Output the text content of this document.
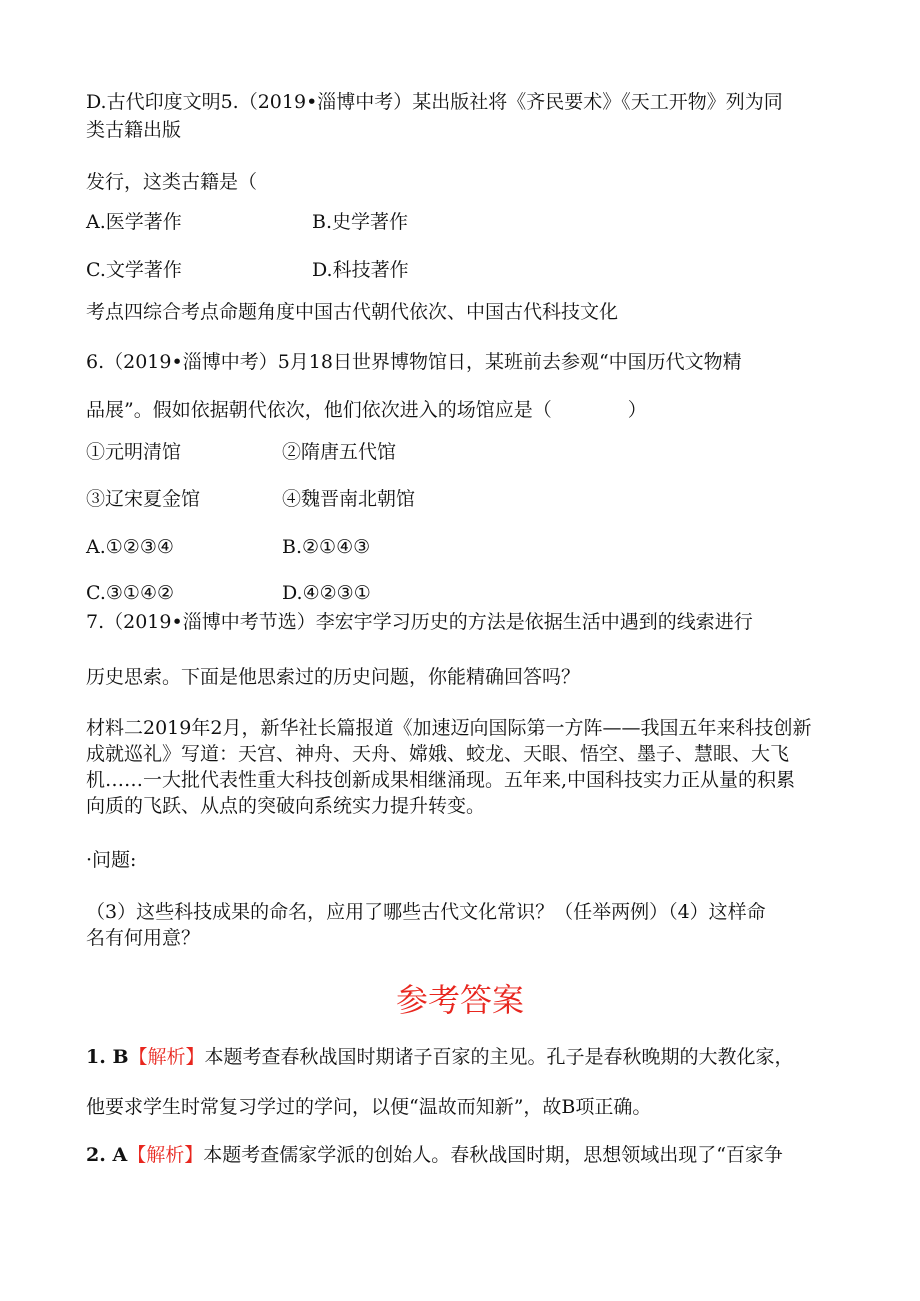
D.古代印度文明5.（2019•淄博中考）某出版社将《齐民要术》《天工开物》列为同
类古籍出版
发行，这类古籍是（
A.医学著作	B.史学著作
C.文学著作	D.科技著作
考点四综合考点命题角度中国古代朝代依次、中国古代科技文化
6.（2019•淄博中考）5月18日世界博物馆日，某班前去参观“中国历代文物精
品展”。假如依据朝代依次，他们依次进入的场馆应是（　　　　）
①元明清馆	②隋唐五代馆
③辽宋夏金馆	④魏晋南北朝馆
A.①②③④	B.②①④③
C.③①④②	D.④②③①
7.（2019•淄博中考节选）李宏宇学习历史的方法是依据生活中遇到的线索进行
历史思索。下面是他思索过的历史问题，你能精确回答吗？
材料二2019年2月，新华社长篇报道《加速迈向国际第一方阵——我国五年来科技创新
成就巡礼》写道：天宫、神舟、天舟、嫦娥、蛟龙、天眼、悟空、墨子、慧眼、大飞
机……一大批代表性重大科技创新成果相继涌现。五年来,中国科技实力正从量的积累
向质的飞跃、从点的突破向系统实力提升转变。
·问题:
（3）这些科技成果的命名，应用了哪些古代文化常识？（任举两例）（4）这样命
名有何用意？
参考答案
1. B【解析】本题考查春秋战国时期诸子百家的主见。孔子是春秋晚期的大教化家，
他要求学生时常复习学过的学问，以便“温故而知新”，故B项正确。
2. A【解析】本题考查儒家学派的创始人。春秋战国时期，思想领域出现了“百家争
